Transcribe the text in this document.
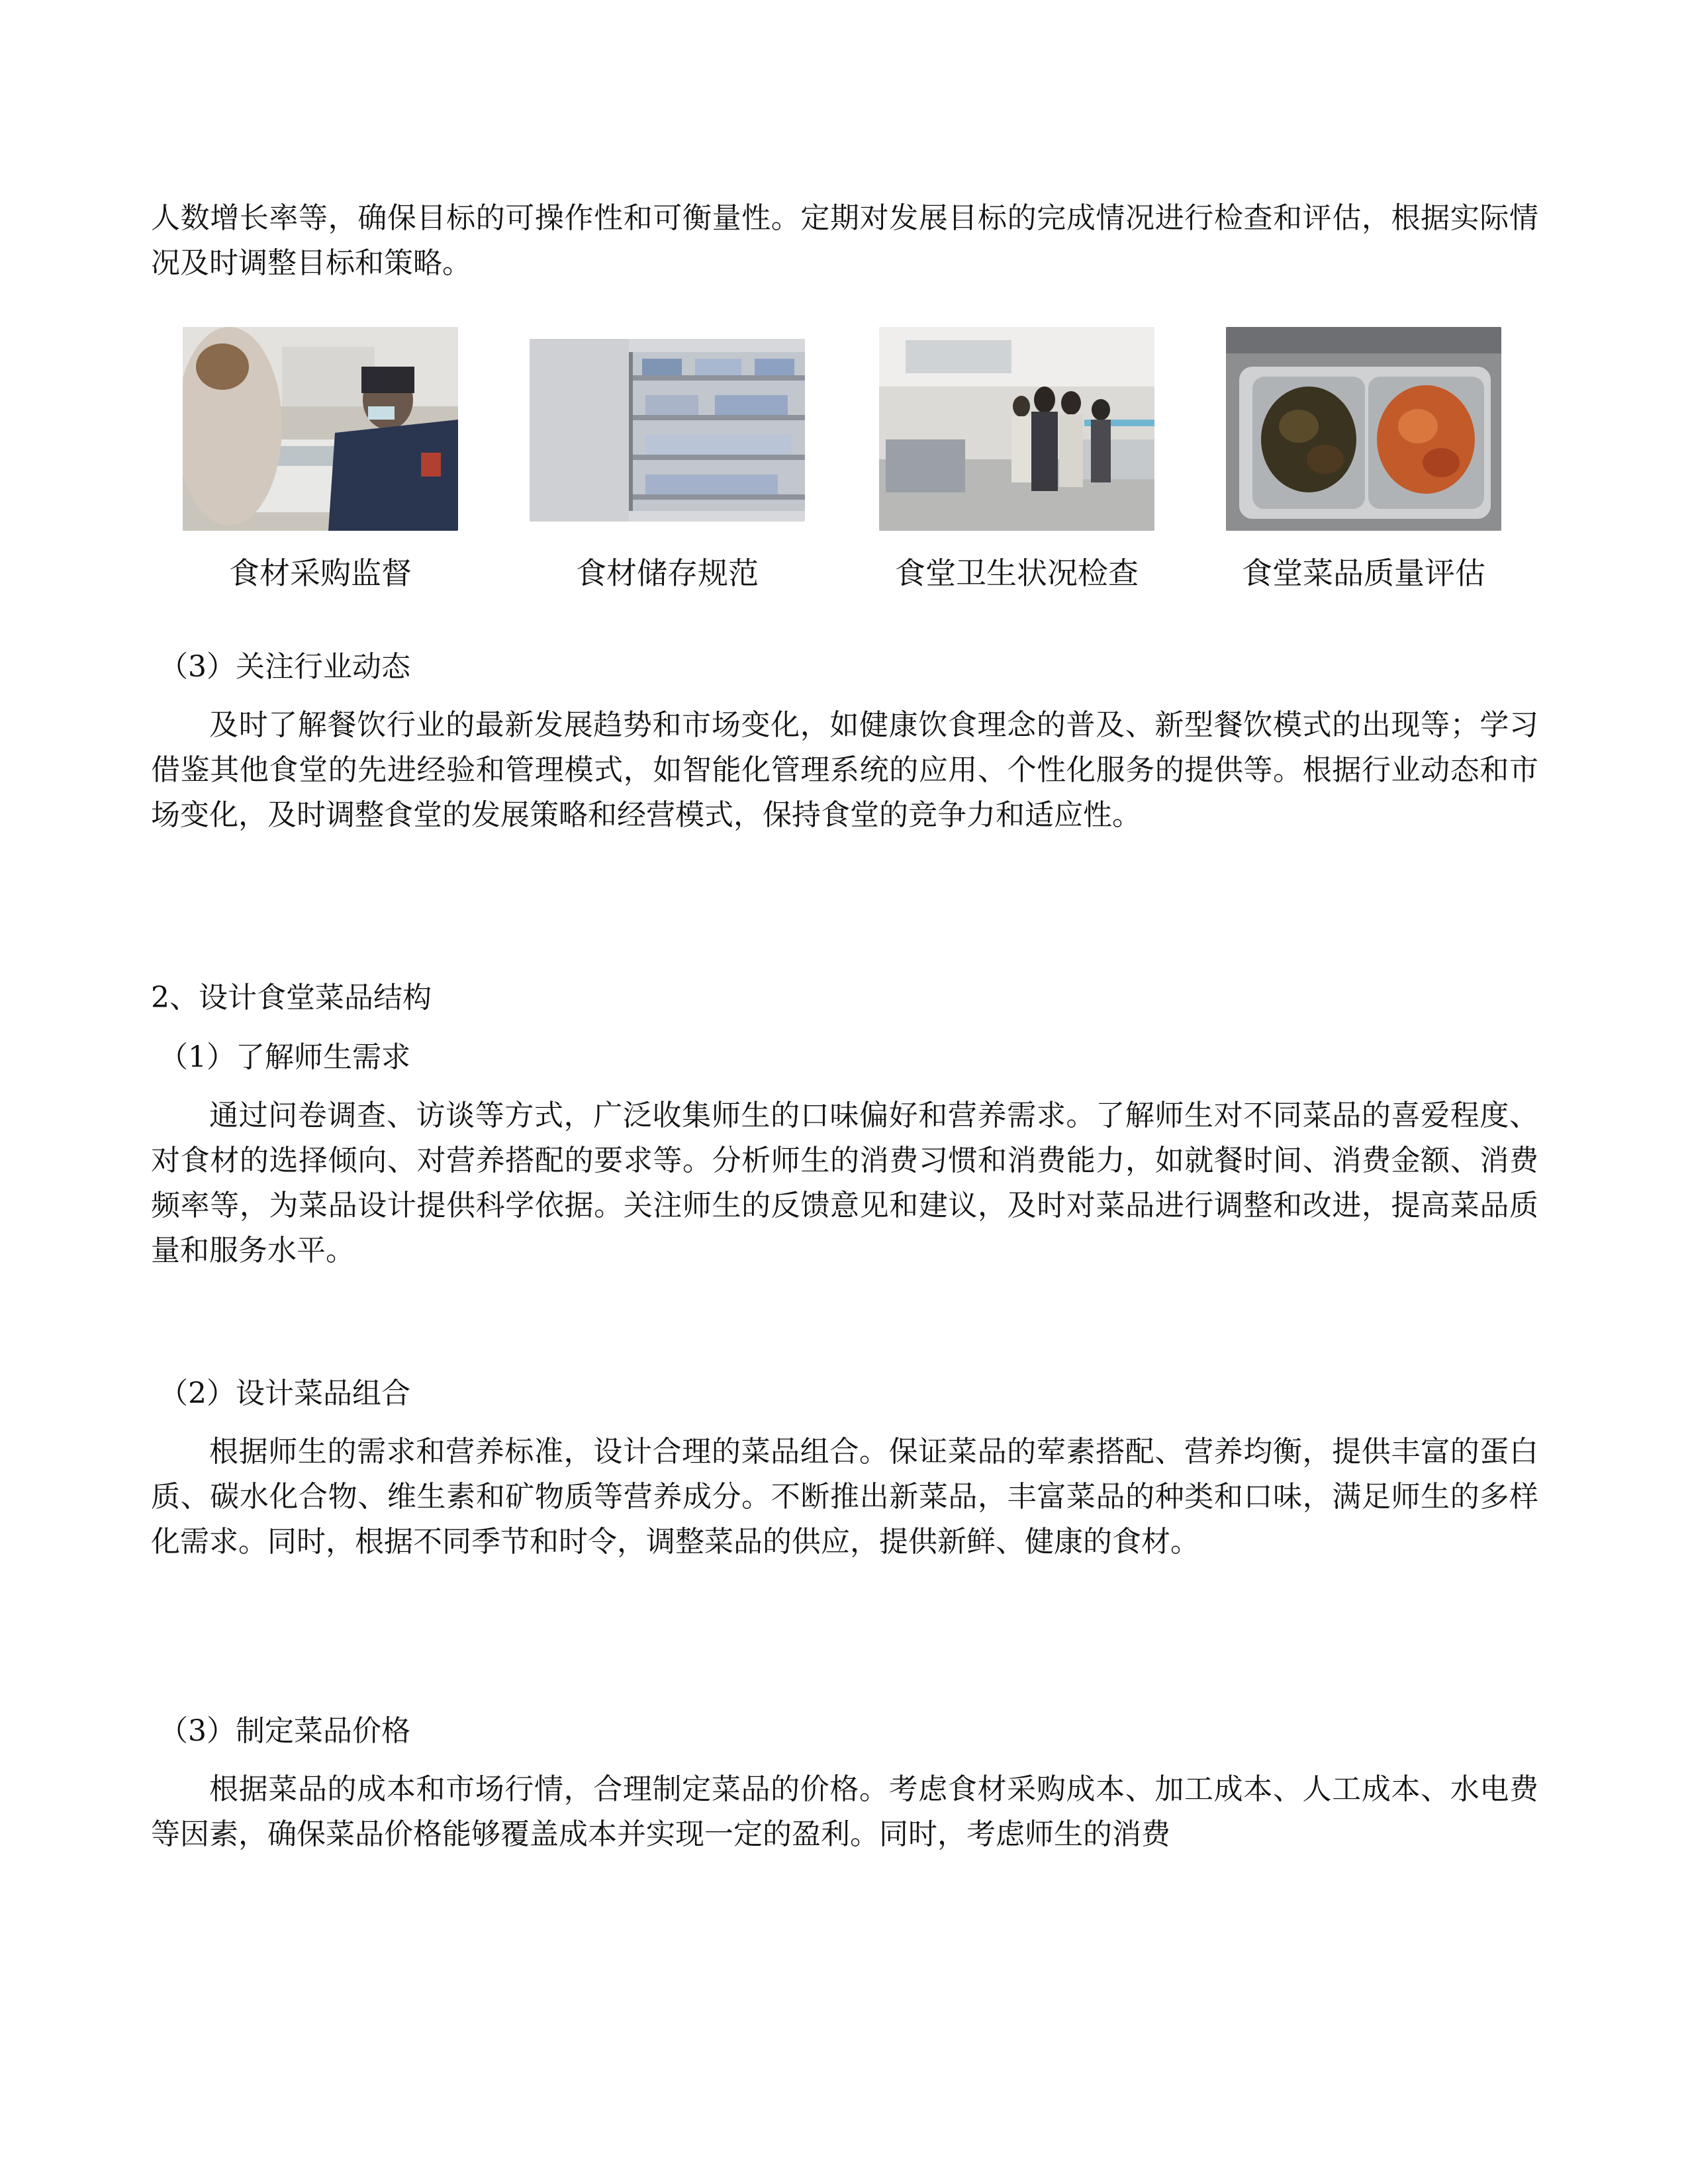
人数增长率等，确保目标的可操作性和可衡量性。定期对发展目标的完成情况进行检查和评估，根据实际情况及时调整目标和策略。

食材采购监督	食材储存规范	食堂卫生状况检查	食堂菜品质量评估
（3）关注行业动态

及时了解餐饮行业的最新发展趋势和市场变化，如健康饮食理念的普及、新型餐饮模式的出现等；学习借鉴其他食堂的先进经验和管理模式，如智能化管理系统的应用、个性化服务的提供等。根据行业动态和市场变化，及时调整食堂的发展策略和经营模式，保持食堂的竞争力和适应性。

2、设计食堂菜品结构
（1）了解师生需求

通过问卷调查、访谈等方式，广泛收集师生的口味偏好和营养需求。了解师生对不同菜品的喜爱程度、对食材的选择倾向、对营养搭配的要求等。分析师生的消费习惯和消费能力，如就餐时间、消费金额、消费频率等，为菜品设计提供科学依据。关注师生的反馈意见和建议，及时对菜品进行调整和改进，提高菜品质量和服务水平。

（2）设计菜品组合

根据师生的需求和营养标准，设计合理的菜品组合。保证菜品的荤素搭配、营养均衡，提供丰富的蛋白质、碳水化合物、维生素和矿物质等营养成分。不断推出新菜品，丰富菜品的种类和口味，满足师生的多样化需求。同时，根据不同季节和时令，调整菜品的供应，提供新鲜、健康的食材。

（3）制定菜品价格

根据菜品的成本和市场行情，合理制定菜品的价格。考虑食材采购成本、加工成本、人工成本、水电费等因素，确保菜品价格能够覆盖成本并实现一定的盈利。同时，考虑师生的消费
